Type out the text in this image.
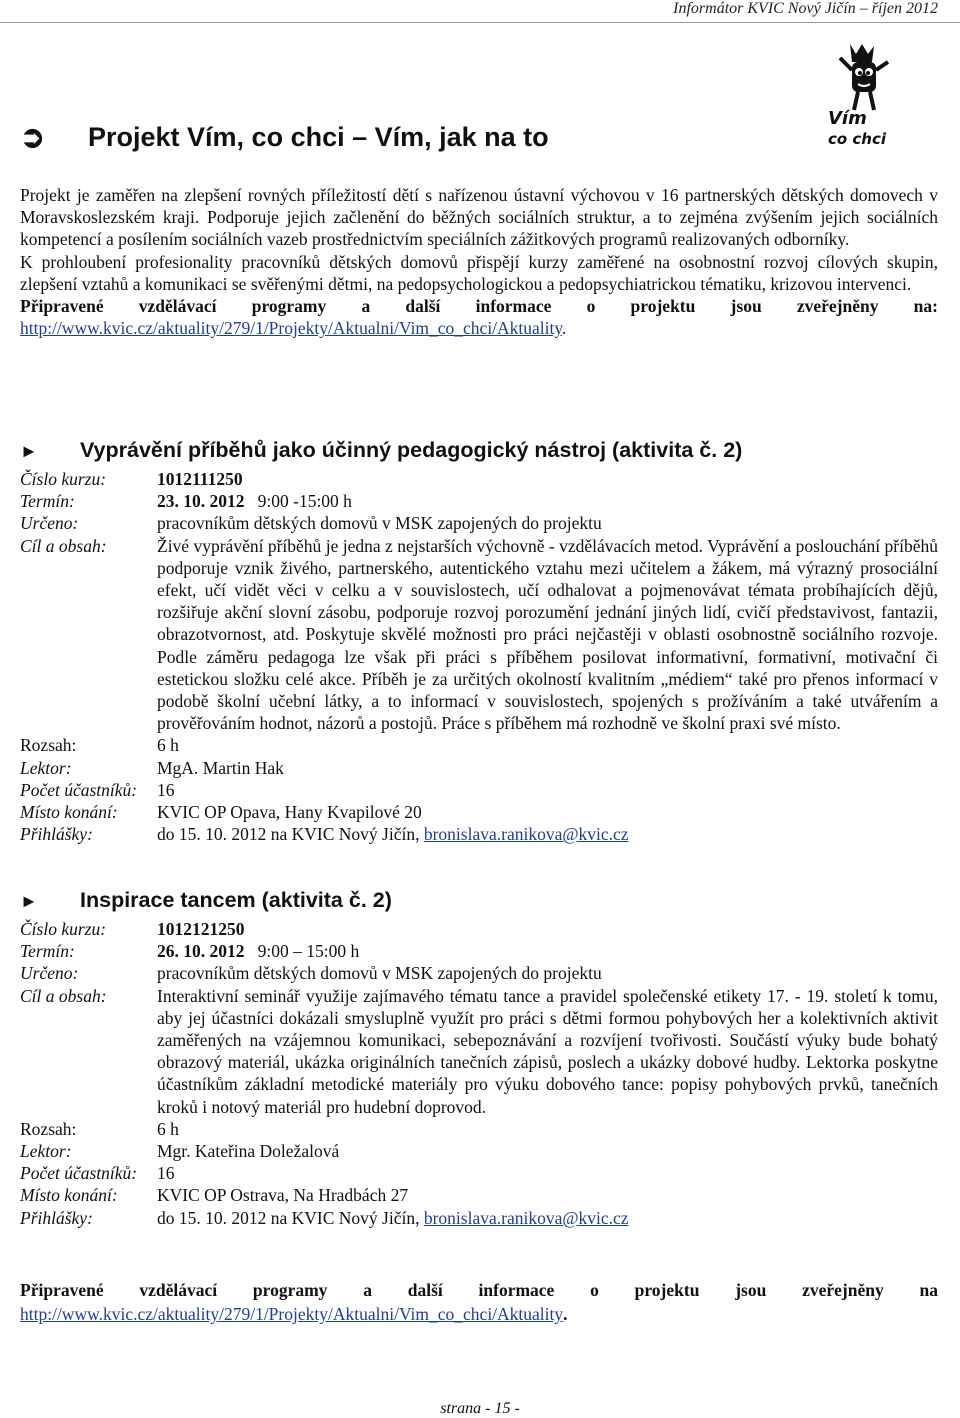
Informátor KVIC Nový Jičín – říjen 2012
Vím
co chci
➲	Projekt Vím, co chci – Vím, jak na to

Projekt je zaměřen na zlepšení rovných příležitostí dětí s nařízenou ústavní výchovou v 16 partnerských dětských domovech v Moravskoslezském kraji. Podporuje jejich začlenění do běžných sociálních struktur, a to zejména zvýšením jejich sociálních kompetencí a posílením sociálních vazeb prostřednictvím speciálních zážitkových programů realizovaných odborníky.

K prohloubení profesionality pracovníků dětských domovů přispějí kurzy zaměřené na osobnostní rozvoj cílových skupin, zlepšení vztahů a komunikaci se svěřenými dětmi, na pedopsychologickou a pedopsychiatrickou tématiku, krizovou intervenci.

Připravené vzdělávací programy a další informace o projektu jsou zveřejněny na:

http://www.kvic.cz/aktuality/279/1/Projekty/Aktualni/Vim_co_chci/Aktuality.

► Vyprávění příběhů jako účinný pedagogický nástroj (aktivita č. 2)
Číslo kurzu:	1012111250
Termín:	23. 10. 2012 9:00 -15:00 h
Určeno:	pracovníkům dětských domovů v MSK zapojených do projektu
Cíl a obsah:	Živé vyprávění příběhů je jedna z nejstarších výchovně - vzdělávacích metod. Vyprávění a poslouchání příběhů podporuje vznik živého, partnerského, autentického vztahu mezi učitelem a žákem, má výrazný prosociální efekt, učí vidět věci v celku a v souvislostech, učí odhalovat a pojmenovávat témata probíhajících dějů, rozšiřuje akční slovní zásobu, podporuje rozvoj porozumění jednání jiných lidí, cvičí představivost, fantazii, obrazotvornost, atd. Poskytuje skvělé možnosti pro práci nejčastěji v oblasti osobnostně sociálního rozvoje. Podle záměru pedagoga lze však při práci s příběhem posilovat informativní, formativní, motivační či estetickou složku celé akce. Příběh je za určitých okolností kvalitním „médiem“ také pro přenos informací v podobě školní učební látky, a to informací v souvislostech, spojených s prožíváním a také utvářením a prověřováním hodnot, názorů a postojů. Práce s příběhem má rozhodně ve školní praxi své místo.
Rozsah:	6 h
Lektor:	MgA. Martin Hak
Počet účastníků:	16
Místo konání:	KVIC OP Opava, Hany Kvapilové 20
Přihlášky:	do 15. 10. 2012 na KVIC Nový Jičín, bronislava.ranikova@kvic.cz
► Inspirace tancem (aktivita č. 2)
Číslo kurzu:	1012121250
Termín:	26. 10. 2012 9:00 – 15:00 h
Určeno:	pracovníkům dětských domovů v MSK zapojených do projektu
Cíl a obsah:	Interaktivní seminář využije zajímavého tématu tance a pravidel společenské etikety 17. - 19. století k tomu, aby jej účastníci dokázali smysluplně využít pro práci s dětmi formou pohybových her a kolektivních aktivit zaměřených na vzájemnou komunikaci, sebepoznávání a rozvíjení tvořivosti. Součástí výuky bude bohatý obrazový materiál, ukázka originálních tanečních zápisů, poslech a ukázky dobové hudby. Lektorka poskytne účastníkům základní metodické materiály pro výuku dobového tance: popisy pohybových prvků, tanečních kroků i notový materiál pro hudební doprovod.
Rozsah:	6 h
Lektor:	Mgr. Kateřina Doležalová
Počet účastníků:	16
Místo konání:	KVIC OP Ostrava, Na Hradbách 27
Přihlášky:	do 15. 10. 2012 na KVIC Nový Jičín, bronislava.ranikova@kvic.cz
Připravené vzdělávací programy a další informace o projektu jsou zveřejněny na
http://www.kvic.cz/aktuality/279/1/Projekty/Aktualni/Vim_co_chci/Aktuality.
strana - 15 -
